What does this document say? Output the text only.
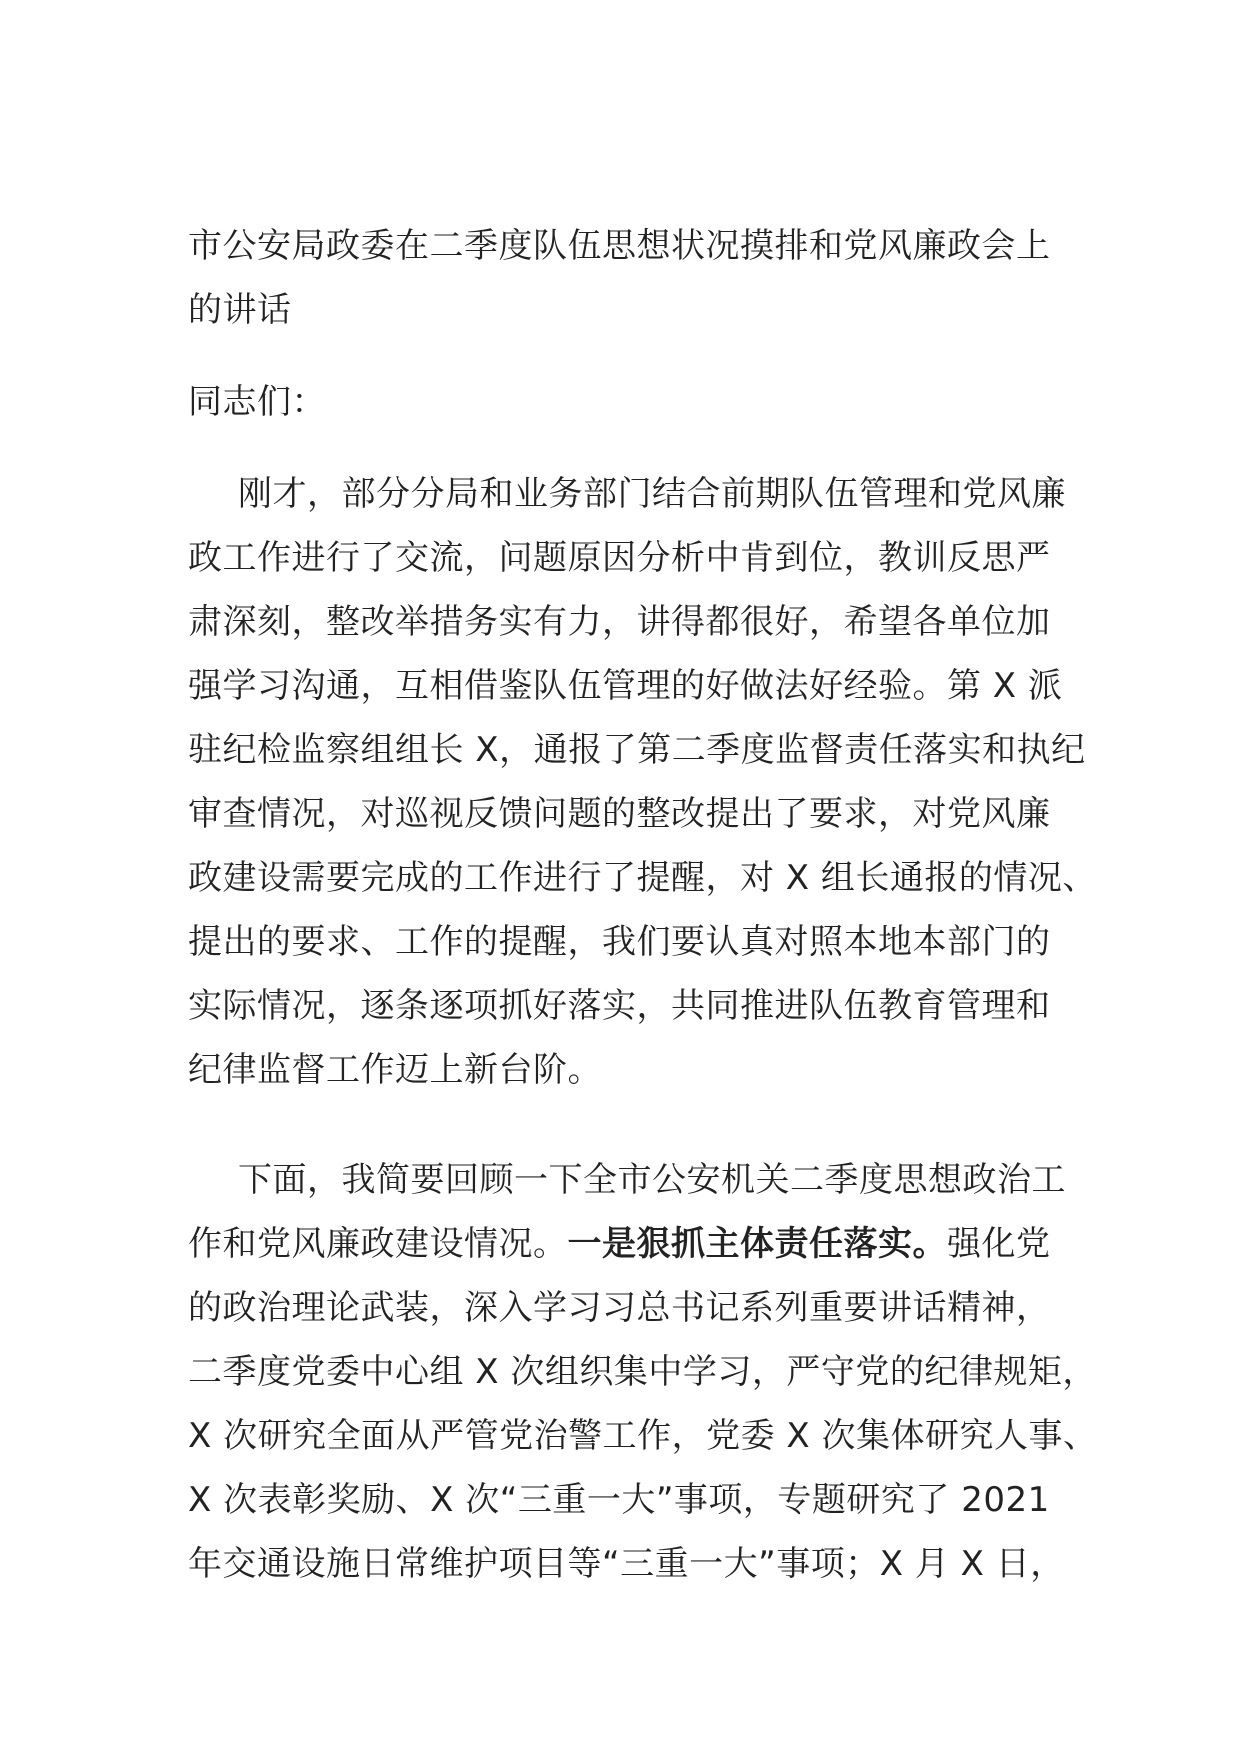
市公安局政委在二季度队伍思想状况摸排和党风廉政会上
的讲话
同志们：
刚才，部分分局和业务部门结合前期队伍管理和党风廉
政工作进行了交流，问题原因分析中肯到位，教训反思严
肃深刻，整改举措务实有力，讲得都很好，希望各单位加
强学习沟通，互相借鉴队伍管理的好做法好经验。第 X 派
驻纪检监察组组长 X，通报了第二季度监督责任落实和执纪
审查情况，对巡视反馈问题的整改提出了要求，对党风廉
政建设需要完成的工作进行了提醒，对 X 组长通报的情况、
提出的要求、工作的提醒，我们要认真对照本地本部门的
实际情况，逐条逐项抓好落实，共同推进队伍教育管理和
纪律监督工作迈上新台阶。
下面，我简要回顾一下全市公安机关二季度思想政治工
作和党风廉政建设情况。一是狠抓主体责任落实。强化党
的政治理论武装，深入学习习总书记系列重要讲话精神，
二季度党委中心组 X 次组织集中学习，严守党的纪律规矩，
X 次研究全面从严管党治警工作，党委 X 次集体研究人事、
X 次表彰奖励、X 次“三重一大”事项，专题研究了 2021
年交通设施日常维护项目等“三重一大”事项；X 月 X 日，
